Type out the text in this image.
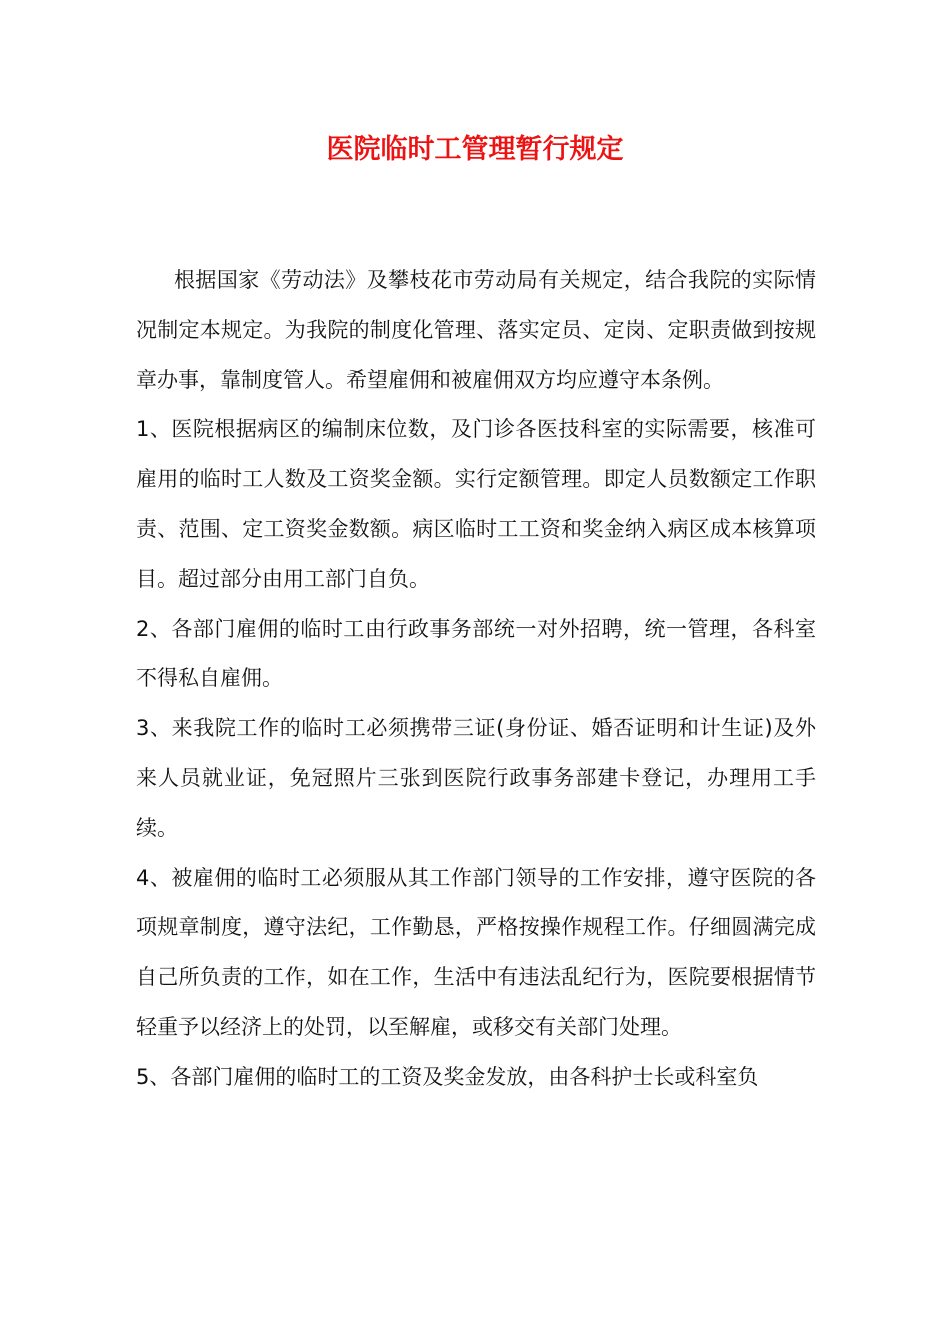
医院临时工管理暂行规定

根据国家《劳动法》及攀枝花市劳动局有关规定，结合我院的实际情况制定本规定。为我院的制度化管理、落实定员、定岗、定职责做到按规章办事，靠制度管人。希望雇佣和被雇佣双方均应遵守本条例。

1、医院根据病区的编制床位数，及门诊各医技科室的实际需要，核准可雇用的临时工人数及工资奖金额。实行定额管理。即定人员数额定工作职责、范围、定工资奖金数额。病区临时工工资和奖金纳入病区成本核算项目。超过部分由用工部门自负。

2、各部门雇佣的临时工由行政事务部统一对外招聘，统一管理，各科室不得私自雇佣。

3、来我院工作的临时工必须携带三证(身份证、婚否证明和计生证)及外来人员就业证，免冠照片三张到医院行政事务部建卡登记，办理用工手续。

4、被雇佣的临时工必须服从其工作部门领导的工作安排，遵守医院的各项规章制度，遵守法纪，工作勤恳，严格按操作规程工作。仔细圆满完成自己所负责的工作，如在工作，生活中有违法乱纪行为，医院要根据情节轻重予以经济上的处罚，以至解雇，或移交有关部门处理。

5、各部门雇佣的临时工的工资及奖金发放，由各科护士长或科室负
